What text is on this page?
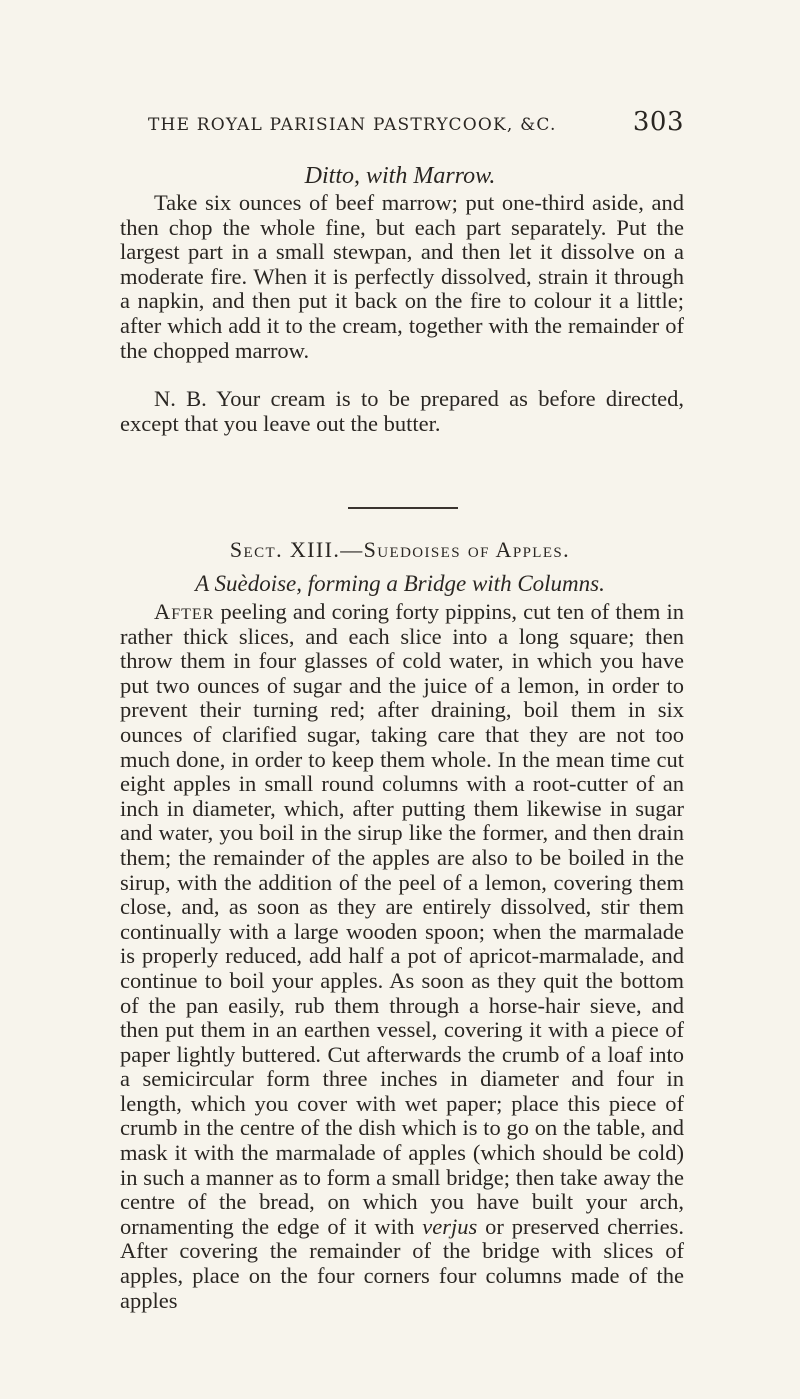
THE ROYAL PARISIAN PASTRYCOOK, &C.	303
Ditto, with Marrow.
Take six ounces of beef marrow; put one-third aside, and then chop the whole fine, but each part separately. Put the largest part in a small stewpan, and then let it dissolve on a moderate fire. When it is perfectly dissolved, strain it through a napkin, and then put it back on the fire to colour it a little; after which add it to the cream, together with the remainder of the chopped marrow.
N. B. Your cream is to be prepared as before directed, except that you leave out the butter.
Sect. XIII.—Suedoises of Apples.
A Suèdoise, forming a Bridge with Columns.
After peeling and coring forty pippins, cut ten of them in rather thick slices, and each slice into a long square; then throw them in four glasses of cold water, in which you have put two ounces of sugar and the juice of a lemon, in order to prevent their turning red; after draining, boil them in six ounces of clarified sugar, taking care that they are not too much done, in order to keep them whole. In the mean time cut eight apples in small round columns with a root-cutter of an inch in diameter, which, after putting them likewise in sugar and water, you boil in the sirup like the former, and then drain them; the remainder of the apples are also to be boiled in the sirup, with the addition of the peel of a lemon, covering them close, and, as soon as they are entirely dissolved, stir them continually with a large wooden spoon; when the marmalade is properly reduced, add half a pot of apricot-marmalade, and continue to boil your apples. As soon as they quit the bottom of the pan easily, rub them through a horse-hair sieve, and then put them in an earthen vessel, covering it with a piece of paper lightly buttered. Cut afterwards the crumb of a loaf into a semicircular form three inches in diameter and four in length, which you cover with wet paper; place this piece of crumb in the centre of the dish which is to go on the table, and mask it with the marmalade of apples (which should be cold) in such a manner as to form a small bridge; then take away the centre of the bread, on which you have built your arch, ornamenting the edge of it with verjus or preserved cherries. After covering the remainder of the bridge with slices of apples, place on the four corners four columns made of the apples
